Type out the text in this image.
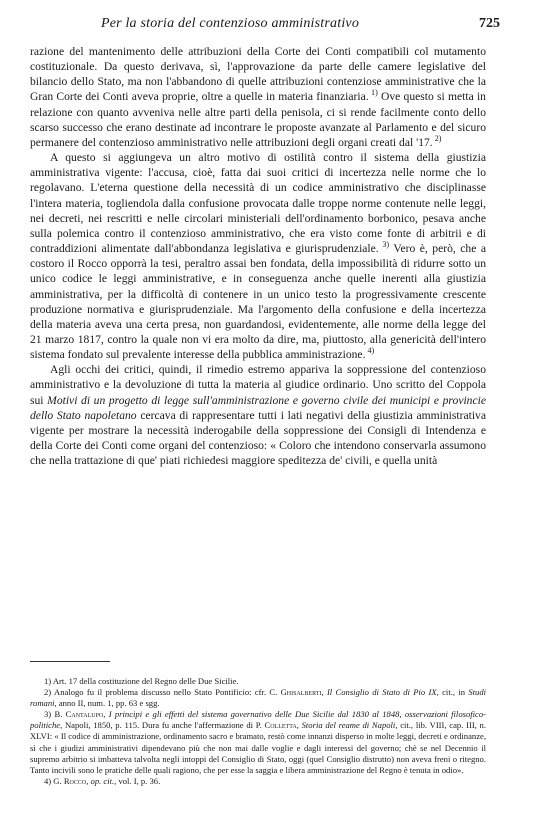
Per la storia del contenzioso amministrativo	725

razione del mantenimento delle attribuzioni della Corte dei Conti compatibili col mutamento costituzionale. Da questo derivava, sì, l'approvazione da parte delle camere legislative del bilancio dello Stato, ma non l'abbandono di quelle attribuzioni contenziose amministrative che la Gran Corte dei Conti aveva proprie, oltre a quelle in materia finanziaria. $^{1)}$ Ove questo si metta in relazione con quanto avveniva nelle altre parti della penisola, ci si rende facilmente conto dello scarso successo che erano destinate ad incontrare le proposte avanzate al Parlamento e del sicuro permanere del contenzioso amministrativo nelle attribuzioni degli organi creati dal '17. $^{2)}$

A questo si aggiungeva un altro motivo di ostilità contro il sistema della giustizia amministrativa vigente: l'accusa, cioè, fatta dai suoi critici di incertezza nelle norme che lo regolavano. L'eterna questione della necessità di un codice amministrativo che disciplinasse l'intera materia, togliendola dalla confusione provocata dalle troppe norme contenute nelle leggi, nei decreti, nei rescritti e nelle circolari ministeriali dell'ordinamento borbonico, pesava anche sulla polemica contro il contenzioso amministrativo, che era visto come fonte di arbitrii e di contraddizioni alimentate dall'abbondanza legislativa e giurisprudenziale. $^{3)}$ Vero è, però, che a costoro il Rocco opporrà la tesi, peraltro assai ben fondata, della impossibilità di ridurre sotto un unico codice le leggi amministrative, e in conseguenza anche quelle inerenti alla giustizia amministrativa, per la difficoltà di contenere in un unico testo la progressivamente crescente produzione normativa e giurisprudenziale. Ma l'argomento della confusione e della incertezza della materia aveva una certa presa, non guardandosi, evidentemente, alle norme della legge del 21 marzo 1817, contro la quale non vi era molto da dire, ma, piuttosto, alla genericità dell'intero sistema fondato sul prevalente interesse della pubblica amministrazione. $^{4)}$

Agli occhi dei critici, quindi, il rimedio estremo appariva la soppressione del contenzioso amministrativo e la devoluzione di tutta la materia al giudice ordinario. Uno scritto del Coppola sui Motivi di un progetto di legge sull'amministrazione e governo civile dei municipi e provincie dello Stato napoletano cercava di rappresentare tutti i lati negativi della giustizia amministrativa vigente per mostrare la necessità inderogabile della soppressione dei Consigli di Intendenza e della Corte dei Conti come organi del contenzioso: « Coloro che intendono conservarla assumono che nella trattazione di que' piati richiedesi maggiore speditezza de' civili, e quella unità

1) Art. 17 della costituzione del Regno delle Due Sicilie.

2) Analogo fu il problema discusso nello Stato Pontificio: cfr. C. Ghisalberti, Il Consiglio di Stato di Pio IX, cit., in Studi romani, anno II, num. 1, pp. 63 e sgg.

3) B. Cantalupo, I principi e gli effetti del sistema governativo delle Due Sicilie dal 1830 al 1848, osservazioni filosofico-politiche, Napoli, 1850, p. 115. Dura fu anche l'affermazione di P. Colletta, Storia del reame di Napoli, cit., lib. VIII, cap. III, n. XLVI: « Il codice di amministrazione, ordinamento sacro e bramato, restò come innanzi disperso in molte leggi, decreti e ordinanze, sì che i giudizi amministrativi dipendevano più che non mai dalle voglie e dagli interessi del governo; chè se nel Decennio il supremo arbitrio si imbatteva talvolta negli intoppi del Consiglio di Stato, oggi (quel Consiglio distrutto) non aveva freni o ritegno. Tanto incivili sono le pratiche delle quali ragiono, che per esse la saggia e libera amministrazione del Regno è tenuta in odio».

4) G. Rocco, op. cit., vol. I, p. 36.
